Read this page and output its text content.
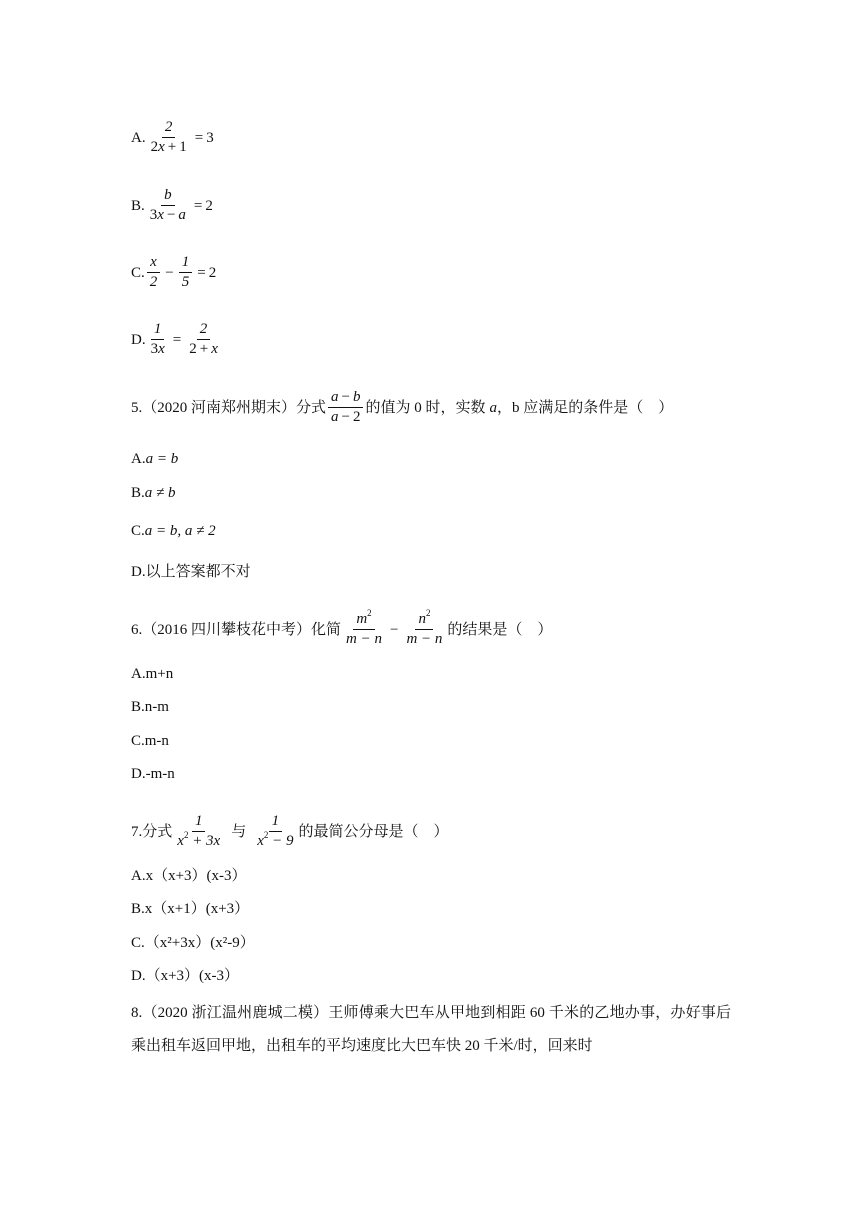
A. $\frac{2}{2x + 1} = 3$
B. $\frac{b}{3x - a} = 2$
C. $\frac{x}{2} - \frac{1}{5} = 2$
D. $\frac{1}{3x} = \frac{2}{2 + x}$
5.（2020 河南郑州期末）分式 $\frac{a - b}{a - 2}$ 的值为 0 时，实数 a ，b 应满足的条件是（　）
A. a = b
B. a ≠ b
C. a = b, a ≠ 2
D. 以上答案都不对
6.（2016 四川攀枝花中考）化简 $\frac{m^2}{m - n} - \frac{n^2}{m - n}$ 的结果是（　）
A.m+n
B.n-m
C.m-n
D.-m-n
7.分式 $\frac{1}{x^2 + 3x}$ 与 $\frac{1}{x^2 - 9}$ 的最简公分母是（　）
A.x（x+3）(x-3）
B.x（x+1）(x+3）
C.（x²+3x）(x²-9）
D.（x+3）(x-3）
8.（2020 浙江温州鹿城二模）王师傅乘大巴车从甲地到相距 60 千米的乙地办事，办好事后乘出租车返回甲地，出租车的平均速度比大巴车快 20 千米/时，回来时
